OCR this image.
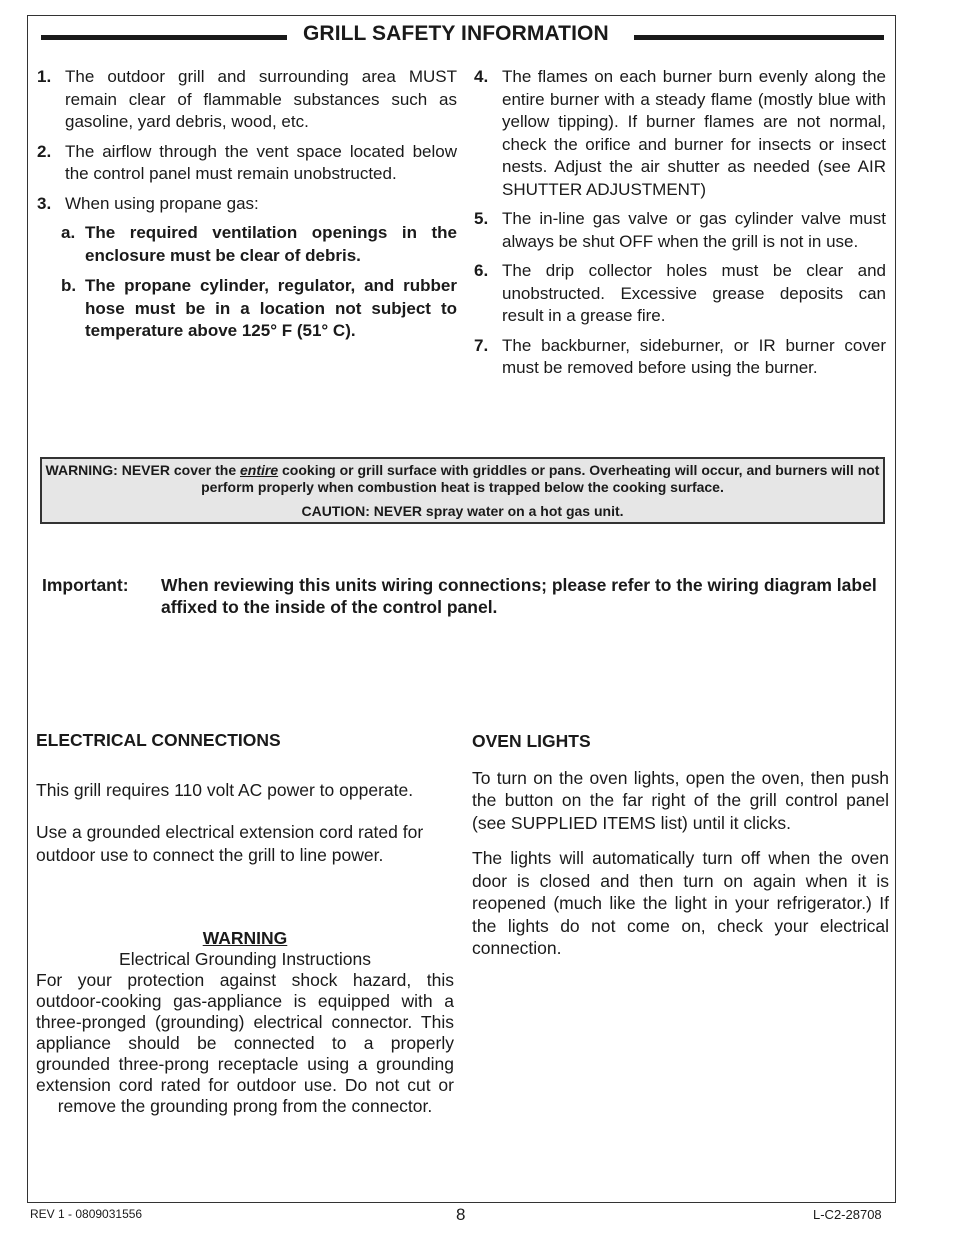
GRILL SAFETY INFORMATION
1. The outdoor grill and surrounding area MUST remain clear of flammable substances such as gasoline, yard debris, wood, etc.
2. The airflow through the vent space located below the control panel must remain unobstructed.
3. When using propane gas:
a. The required ventilation openings in the enclosure must be clear of debris.
b. The propane cylinder, regulator, and rubber hose must be in a location not subject to temperature above 125° F (51° C).
4. The flames on each burner burn evenly along the entire burner with a steady flame (mostly blue with yellow tipping). If burner flames are not normal, check the orifice and burner for insects or insect nests. Adjust the air shutter as needed (see AIR SHUTTER ADJUSTMENT)
5. The in-line gas valve or gas cylinder valve must always be shut OFF when the grill is not in use.
6. The drip collector holes must be clear and unobstructed. Excessive grease deposits can result in a grease fire.
7. The backburner, sideburner, or IR burner cover must be removed before using the burner.
WARNING: NEVER cover the entire cooking or grill surface with griddles or pans. Overheating will occur, and burners will not perform properly when combustion heat is trapped below the cooking surface.
CAUTION: NEVER spray water on a hot gas unit.
Important: When reviewing this units wiring connections; please refer to the wiring diagram label affixed to the inside of the control panel.
ELECTRICAL CONNECTIONS

This grill requires 110 volt AC power to opperate.

Use a grounded electrical extension cord rated for outdoor use to connect the grill to line power.

WARNING
Electrical Grounding Instructions
For your protection against shock hazard, this outdoor-cooking gas-appliance is equipped with a three-pronged (grounding) electrical connector. This appliance should be connected to a properly grounded three-prong receptacle using a grounding extension cord rated for outdoor use. Do not cut or remove the grounding prong from the connector.
OVEN LIGHTS

To turn on the oven lights, open the oven, then push the button on the far right of the grill control panel (see SUPPLIED ITEMS list) until it clicks.

The lights will automatically turn off when the oven door is closed and then turn on again when it is reopened (much like the light in your refrigerator.) If the lights do not come on, check your electrical connection.

REV 1 - 0809031556	8	L-C2-28708
